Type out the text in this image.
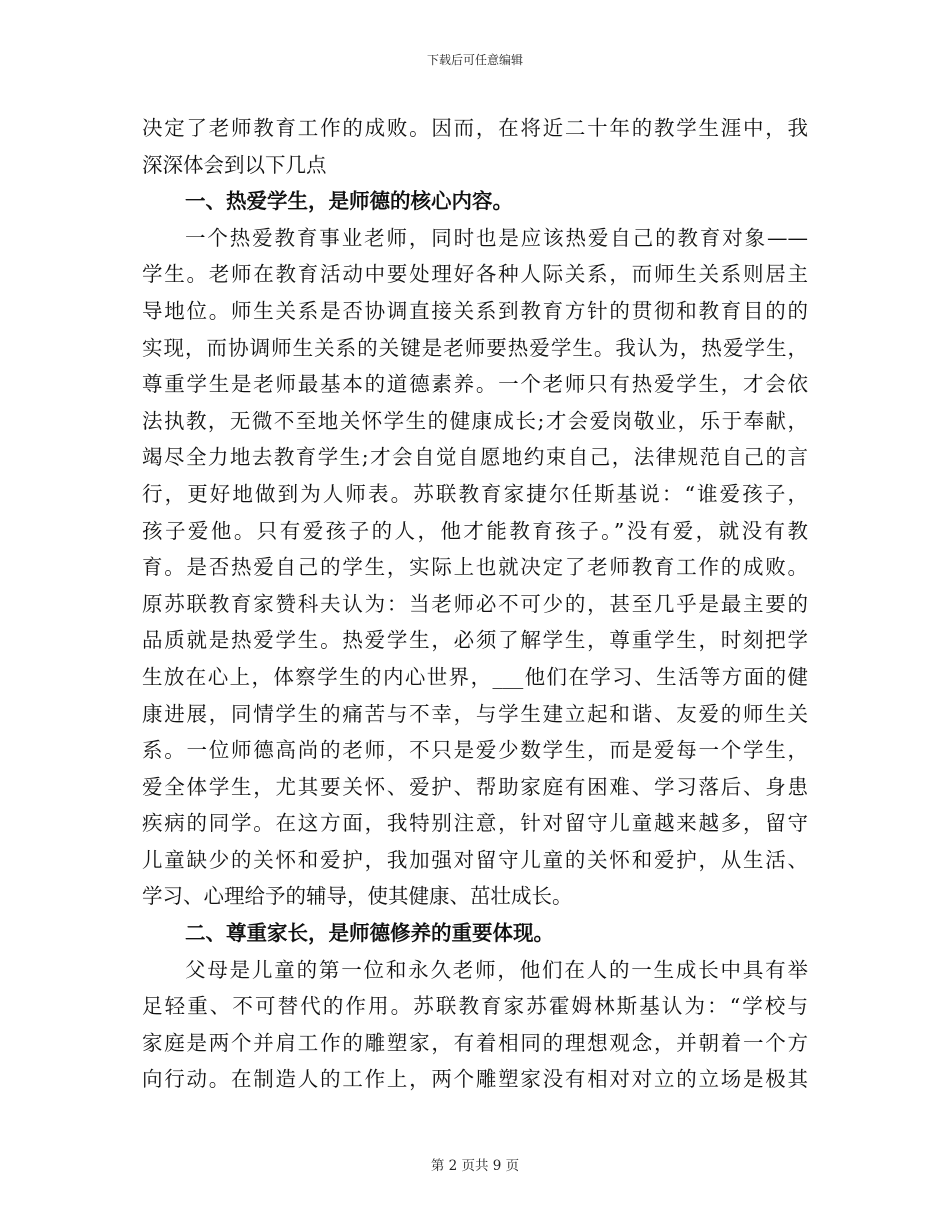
下载后可任意编辑
决定了老师教育工作的成败。因而，在将近二十年的教学生涯中，我
深深体会到以下几点
一、热爱学生，是师德的核心内容。
一个热爱教育事业老师，同时也是应该热爱自己的教育对象——
学生。老师在教育活动中要处理好各种人际关系，而师生关系则居主
导地位。师生关系是否协调直接关系到教育方针的贯彻和教育目的的
实现，而协调师生关系的关键是老师要热爱学生。我认为，热爱学生，
尊重学生是老师最基本的道德素养。一个老师只有热爱学生，才会依
法执教，无微不至地关怀学生的健康成长;才会爱岗敬业，乐于奉献，
竭尽全力地去教育学生;才会自觉自愿地约束自己，法律规范自己的言
行，更好地做到为人师表。苏联教育家捷尔任斯基说：“谁爱孩子，
孩子爱他。只有爱孩子的人，他才能教育孩子。”没有爱，就没有教
育。是否热爱自己的学生，实际上也就决定了老师教育工作的成败。
原苏联教育家赞科夫认为：当老师必不可少的，甚至几乎是最主要的
品质就是热爱学生。热爱学生，必须了解学生，尊重学生，时刻把学
生放在心上，体察学生的内心世界，___他们在学习、生活等方面的健
康进展，同情学生的痛苦与不幸，与学生建立起和谐、友爱的师生关
系。一位师德高尚的老师，不只是爱少数学生，而是爱每一个学生，
爱全体学生，尤其要关怀、爱护、帮助家庭有困难、学习落后、身患
疾病的同学。在这方面，我特别注意，针对留守儿童越来越多，留守
儿童缺少的关怀和爱护，我加强对留守儿童的关怀和爱护，从生活、
学习、心理给予的辅导，使其健康、茁壮成长。
二、尊重家长，是师德修养的重要体现。
父母是儿童的第一位和永久老师，他们在人的一生成长中具有举
足轻重、不可替代的作用。苏联教育家苏霍姆林斯基认为：“学校与
家庭是两个并肩工作的雕塑家，有着相同的理想观念，并朝着一个方
向行动。在制造人的工作上，两个雕塑家没有相对对立的立场是极其
第 2 页共 9 页
